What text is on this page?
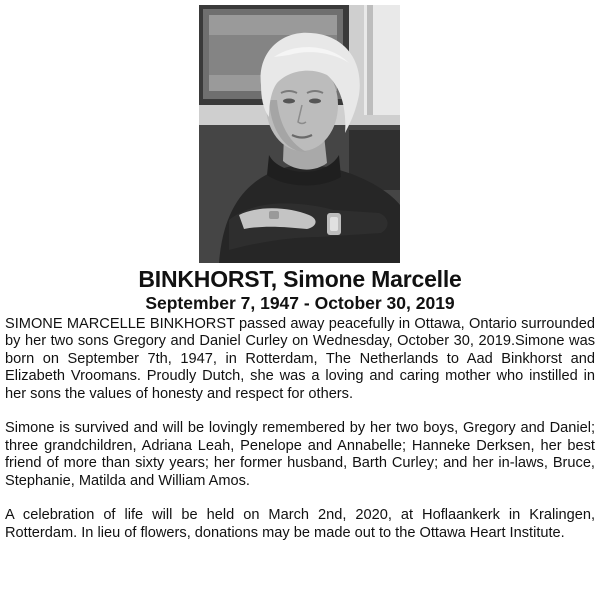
BINKHORST, Simone Marcelle
September 7, 1947 - October 30, 2019

SIMONE MARCELLE BINKHORST passed away peacefully in Ottawa, Ontario surrounded by her two sons Gregory and Daniel Curley on Wednesday, October 30, 2019.Simone was born on September 7th, 1947, in Rotterdam, The Netherlands to Aad Binkhorst and Elizabeth Vroomans. Proudly Dutch, she was a loving and caring mother who instilled in her sons the values of honesty and respect for others.

Simone is survived and will be lovingly remembered by her two boys, Gregory and Daniel; three grandchildren, Adriana Leah, Penelope and Annabelle; Hanneke Derksen, her best friend of more than sixty years; her former husband, Barth Curley; and her in-laws, Bruce, Stephanie, Matilda and William Amos.

A celebration of life will be held on March 2nd, 2020, at Hoflaankerk in Kralingen, Rotterdam. In lieu of flowers, donations may be made out to the Ottawa Heart Institute.
